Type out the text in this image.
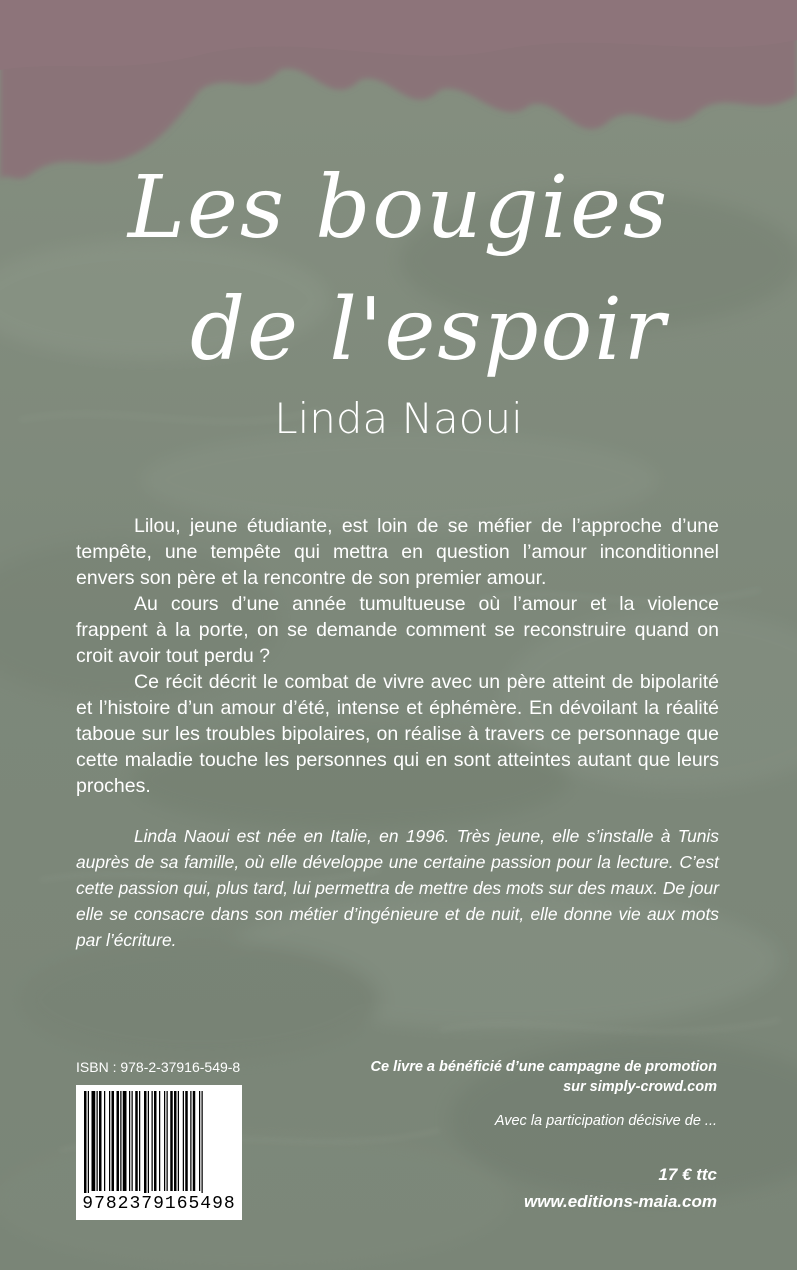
Les bougies
de l'espoir
Linda Naoui

Lilou, jeune étudiante, est loin de se méfier de l’approche d’une tempête, une tempête qui mettra en question l’amour inconditionnel envers son père et la rencontre de son premier amour.

Au cours d’une année tumultueuse où l’amour et la violence frappent à la porte, on se demande comment se reconstruire quand on croit avoir tout perdu ?

Ce récit décrit le combat de vivre avec un père atteint de bipolarité et l’histoire d’un amour d’été, intense et éphémère. En dévoilant la réalité taboue sur les troubles bipolaires, on réalise à travers ce personnage que cette maladie touche les personnes qui en sont atteintes autant que leurs proches.

Linda Naoui est née en Italie, en 1996. Très jeune, elle s’installe à Tunis auprès de sa famille, où elle développe une certaine passion pour la lecture. C’est cette passion qui, plus tard, lui permettra de mettre des mots sur des maux. De jour elle se consacre dans son métier d’ingénieure et de nuit, elle donne vie aux mots par l’écriture.

ISBN : 978-2-37916-549-8
9782379165498
Ce livre a bénéficié d’une campagne de promotion
sur simply-crowd.com
Avec la participation décisive de ...
17 € ttc
www.editions-maia.com
